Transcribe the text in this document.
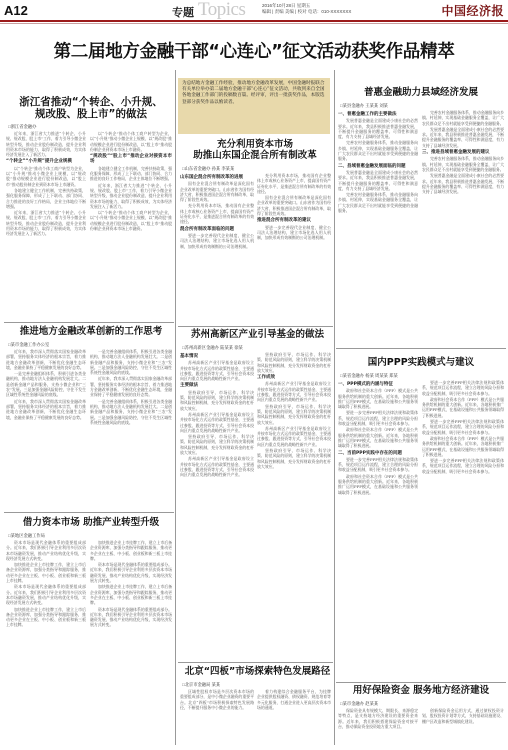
A12	专题 Topics	2016年10月28日 星期五
编辑 | 责编 美编 | 校对 电话：010-XXXXXXX	中国经济报
第二届地方金融干部“心连心”征文活动获奖作品精萃
为总结地方金融工作经验，推动地方金融改革发展，中国金融时报联合有关单位举办第二届地方金融干部“心连心”征文活动，共收到来自全国各地金融工作部门的投稿数百篇。经评审，评出一批获奖作品，本版选登部分获奖作品以飨读者。
浙江省推动“个转企、小升规、
规改股、股上市”的做法
□浙江省金融办

近年来，浙江省大力推进“个转企、小升规、规改股、股上市”工作，着力引导小微企业转型升级，推动企业股份制改造，提升企业利用资本市场的能力，取得了积极成效，为实体经济发展注入了新活力。

“个转企”“小升规”提升企业规模

以“个转企”推动个体工商户转型为企业，以“小升规”推动小微企业上规模，以“规改股”推动规模企业进行股份制改造，以“股上市”推动股份制企业到资本市场上市融资。

各地建立健全工作机制，完善扶持政策，强化服务保障，形成了上下联动、部门协同、合力推进的良好工作格局，企业主体地位不断增强。

近年来，浙江省大力推进“个转企、小升规、规改股、股上市”工作，着力引导小微企业转型升级，推动企业股份制改造，提升企业利用资本市场的能力，取得了积极成效，为实体经济发展注入了新活力。

以“个转企”推动个体工商户转型为企业，以“小升规”推动小微企业上规模，以“规改股”推动规模企业进行股份制改造，以“股上市”推动股份制企业到资本市场上市融资。

“规改股”“股上市”推动企业对接资本市场

各地建立健全工作机制，完善扶持政策，强化服务保障，形成了上下联动、部门协同、合力推进的良好工作格局，企业主体地位不断增强。

近年来，浙江省大力推进“个转企、小升规、规改股、股上市”工作，着力引导小微企业转型升级，推动企业股份制改造，提升企业利用资本市场的能力，取得了积极成效，为实体经济发展注入了新活力。

以“个转企”推动个体工商户转型为企业，以“小升规”推动小微企业上规模，以“规改股”推动规模企业进行股份制改造，以“股上市”推动股份制企业到资本市场上市融资。

推进地方金融改革创新的工作思考
□某市金融工作办公室

近年来，我市深入贯彻落实国家金融改革部署，坚持服务实体经济的根本宗旨，着力推进地方金融改革创新，不断优化金融生态环境，金融业保持了平稳健康发展的良好态势。

一是完善金融组织体系，积极引进各类金融机构，推动地方法人金融机构发展壮大。二是创新金融产品和服务，支持小微企业和“三农”发展。三是加强金融风险防控，守住不发生区域性系统性金融风险的底线。

近年来，我市深入贯彻落实国家金融改革部署，坚持服务实体经济的根本宗旨，着力推进地方金融改革创新，不断优化金融生态环境，金融业保持了平稳健康发展的良好态势。

一是完善金融组织体系，积极引进各类金融机构，推动地方法人金融机构发展壮大。二是创新金融产品和服务，支持小微企业和“三农”发展。三是加强金融风险防控，守住不发生区域性系统性金融风险的底线。

近年来，我市深入贯彻落实国家金融改革部署，坚持服务实体经济的根本宗旨，着力推进地方金融改革创新，不断优化金融生态环境，金融业保持了平稳健康发展的良好态势。

一是完善金融组织体系，积极引进各类金融机构，推动地方法人金融机构发展壮大。二是创新金融产品和服务，支持小微企业和“三农”发展。三是加强金融风险防控，守住不发生区域性系统性金融风险的底线。

借力资本市场 助推产业转型升级
□某地区金融工作局

资本市场是现代金融体系的重要组成部分。近年来，我们积极引导企业利用多层次资本市场融资发展，推动产业结构优化升级，实现经济发展方式转变。

加快推进企业上市挂牌工作，建立上市后备企业资源库，加强分类指导和跟踪服务，推动更多企业在主板、中小板、创业板和新三板上市挂牌。

资本市场是现代金融体系的重要组成部分。近年来，我们积极引导企业利用多层次资本市场融资发展，推动产业结构优化升级，实现经济发展方式转变。

加快推进企业上市挂牌工作，建立上市后备企业资源库，加强分类指导和跟踪服务，推动更多企业在主板、中小板、创业板和新三板上市挂牌。

加快推进企业上市挂牌工作，建立上市后备企业资源库，加强分类指导和跟踪服务，推动更多企业在主板、中小板、创业板和新三板上市挂牌。

资本市场是现代金融体系的重要组成部分。近年来，我们积极引导企业利用多层次资本市场融资发展，推动产业结构优化升级，实现经济发展方式转变。

加快推进企业上市挂牌工作，建立上市后备企业资源库，加强分类指导和跟踪服务，推动更多企业在主板、中小板、创业板和新三板上市挂牌。

资本市场是现代金融体系的重要组成部分。近年来，我们积极引导企业利用多层次资本市场融资发展，推动产业结构优化升级，实现经济发展方式转变。

充分利用资本市场
助推山东国企混合所有制改革
□山东省金融办 孙某 李某某
山东国企混合所有制改革的进展

国有企业混合所有制改革是深化国有企业改革的重要突破口。山东省作为国有经济大省，积极推进国企混合所有制改革，取得了阶段性成效。

充分利用资本市场，推动国有企业整体上市或核心业务资产上市，提高国有资产证券化水平，是推进混合所有制改革的有效途径。

混合所有制改革面临的问题

要进一步完善现代企业制度，健全公司法人治理结构，建立市场化选人用人机制，加快形成有效制衡的公司治理机制。

充分利用资本市场，推动国有企业整体上市或核心业务资产上市，提高国有资产证券化水平，是推进混合所有制改革的有效途径。

国有企业混合所有制改革是深化国有企业改革的重要突破口。山东省作为国有经济大省，积极推进国企混合所有制改革，取得了阶段性成效。

推进混合所有制改革的建议

要进一步完善现代企业制度，健全公司法人治理结构，建立市场化选人用人机制，加快形成有效制衡的公司治理机制。

苏州高新区产业引导基金的做法
□苏州高新区金融办 陆某某 徐某
基本情况

苏州高新区产业引导基金是政府设立并按市场化方式运作的政策性基金，主要通过参股、跟进投资等方式，引导社会资本投向区内重点发展的战略性新兴产业。

主要做法

坚持政府引导、市场运作、科学决策、防范风险的原则，建立科学的决策机制和风险控制机制，充分发挥财政资金的杠杆放大效应。

苏州高新区产业引导基金是政府设立并按市场化方式运作的政策性基金，主要通过参股、跟进投资等方式，引导社会资本投向区内重点发展的战略性新兴产业。

坚持政府引导、市场运作、科学决策、防范风险的原则，建立科学的决策机制和风险控制机制，充分发挥财政资金的杠杆放大效应。

苏州高新区产业引导基金是政府设立并按市场化方式运作的政策性基金，主要通过参股、跟进投资等方式，引导社会资本投向区内重点发展的战略性新兴产业。

坚持政府引导、市场运作、科学决策、防范风险的原则，建立科学的决策机制和风险控制机制，充分发挥财政资金的杠杆放大效应。

工作成效

苏州高新区产业引导基金是政府设立并按市场化方式运作的政策性基金，主要通过参股、跟进投资等方式，引导社会资本投向区内重点发展的战略性新兴产业。

坚持政府引导、市场运作、科学决策、防范风险的原则，建立科学的决策机制和风险控制机制，充分发挥财政资金的杠杆放大效应。

苏州高新区产业引导基金是政府设立并按市场化方式运作的政策性基金，主要通过参股、跟进投资等方式，引导社会资本投向区内重点发展的战略性新兴产业。

坚持政府引导、市场运作、科学决策、防范风险的原则，建立科学的决策机制和风险控制机制，充分发挥财政资金的杠杆放大效应。

北京“四板”市场探索特色发展路径
□北京市金融局 某某

区域性股权市场是多层次资本市场的重要组成部分，是中小微企业融资的重要平台。北京“四板”市场积极探索特色发展路径，不断提升服务中小微企业的能力。

着力构建综合金融服务平台，为挂牌企业提供股权融资、债权融资、规范培育等多元化服务，打通企业进入更高层次资本市场的通道。

普惠金融助力县域经济发展
□某县金融办 王某某 刘某
一、普惠金融工作的主要做法

发展普惠金融是全面建成小康社会的必然要求。近年来，我县积极推进普惠金融发展，不断提升金融服务的覆盖率、可得性和满意度，有力支持了县域经济发展。

完善农村金融服务体系，推动金融服务向乡镇、村延伸，实现基础金融服务全覆盖，让广大农民群众足不出村就能享受到便捷的金融服务。

二、县域普惠金融发展面临的问题

发展普惠金融是全面建成小康社会的必然要求。近年来，我县积极推进普惠金融发展，不断提升金融服务的覆盖率、可得性和满意度，有力支持了县域经济发展。

完善农村金融服务体系，推动金融服务向乡镇、村延伸，实现基础金融服务全覆盖，让广大农民群众足不出村就能享受到便捷的金融服务。

完善农村金融服务体系，推动金融服务向乡镇、村延伸，实现基础金融服务全覆盖，让广大农民群众足不出村就能享受到便捷的金融服务。

发展普惠金融是全面建成小康社会的必然要求。近年来，我县积极推进普惠金融发展，不断提升金融服务的覆盖率、可得性和满意度，有力支持了县域经济发展。

三、推进县域普惠金融发展的建议

完善农村金融服务体系，推动金融服务向乡镇、村延伸，实现基础金融服务全覆盖，让广大农民群众足不出村就能享受到便捷的金融服务。

发展普惠金融是全面建成小康社会的必然要求。近年来，我县积极推进普惠金融发展，不断提升金融服务的覆盖率、可得性和满意度，有力支持了县域经济发展。

国内PPP实践模式与建议
□某省金融办 杨某 周某某 郑某
一、PPP模式的内涵与特征

政府和社会资本合作（PPP）模式是公共服务供给机制的重大创新。近年来，各地积极推广运用PPP模式，在基础设施和公共服务领域取得了积极进展。

要进一步完善PPP相关法律法规和政策体系，规范项目运作流程，建立合理的风险分担和收益分配机制，吸引更多社会资本参与。

政府和社会资本合作（PPP）模式是公共服务供给机制的重大创新。近年来，各地积极推广运用PPP模式，在基础设施和公共服务领域取得了积极进展。

二、当前PPP实践中存在的问题

要进一步完善PPP相关法律法规和政策体系，规范项目运作流程，建立合理的风险分担和收益分配机制，吸引更多社会资本参与。

政府和社会资本合作（PPP）模式是公共服务供给机制的重大创新。近年来，各地积极推广运用PPP模式，在基础设施和公共服务领域取得了积极进展。

要进一步完善PPP相关法律法规和政策体系，规范项目运作流程，建立合理的风险分担和收益分配机制，吸引更多社会资本参与。

政府和社会资本合作（PPP）模式是公共服务供给机制的重大创新。近年来，各地积极推广运用PPP模式，在基础设施和公共服务领域取得了积极进展。

要进一步完善PPP相关法律法规和政策体系，规范项目运作流程，建立合理的风险分担和收益分配机制，吸引更多社会资本参与。

政府和社会资本合作（PPP）模式是公共服务供给机制的重大创新。近年来，各地积极推广运用PPP模式，在基础设施和公共服务领域取得了积极进展。

要进一步完善PPP相关法律法规和政策体系，规范项目运作流程，建立合理的风险分担和收益分配机制，吸引更多社会资本参与。

用好保险资金 服务地方经济建设
□某市金融办 赵某某

保险资金具有规模大、期限长、来源稳定等特点，是支持地方经济建设的重要资金来源。近年来，我们积极搭建保险资金对接平台，推动保险资金投资地方重大项目。

创新保险资金运用方式，通过债权投资计划、股权投资计划等方式，支持基础设施建设、棚户区改造和新型城镇化建设。
